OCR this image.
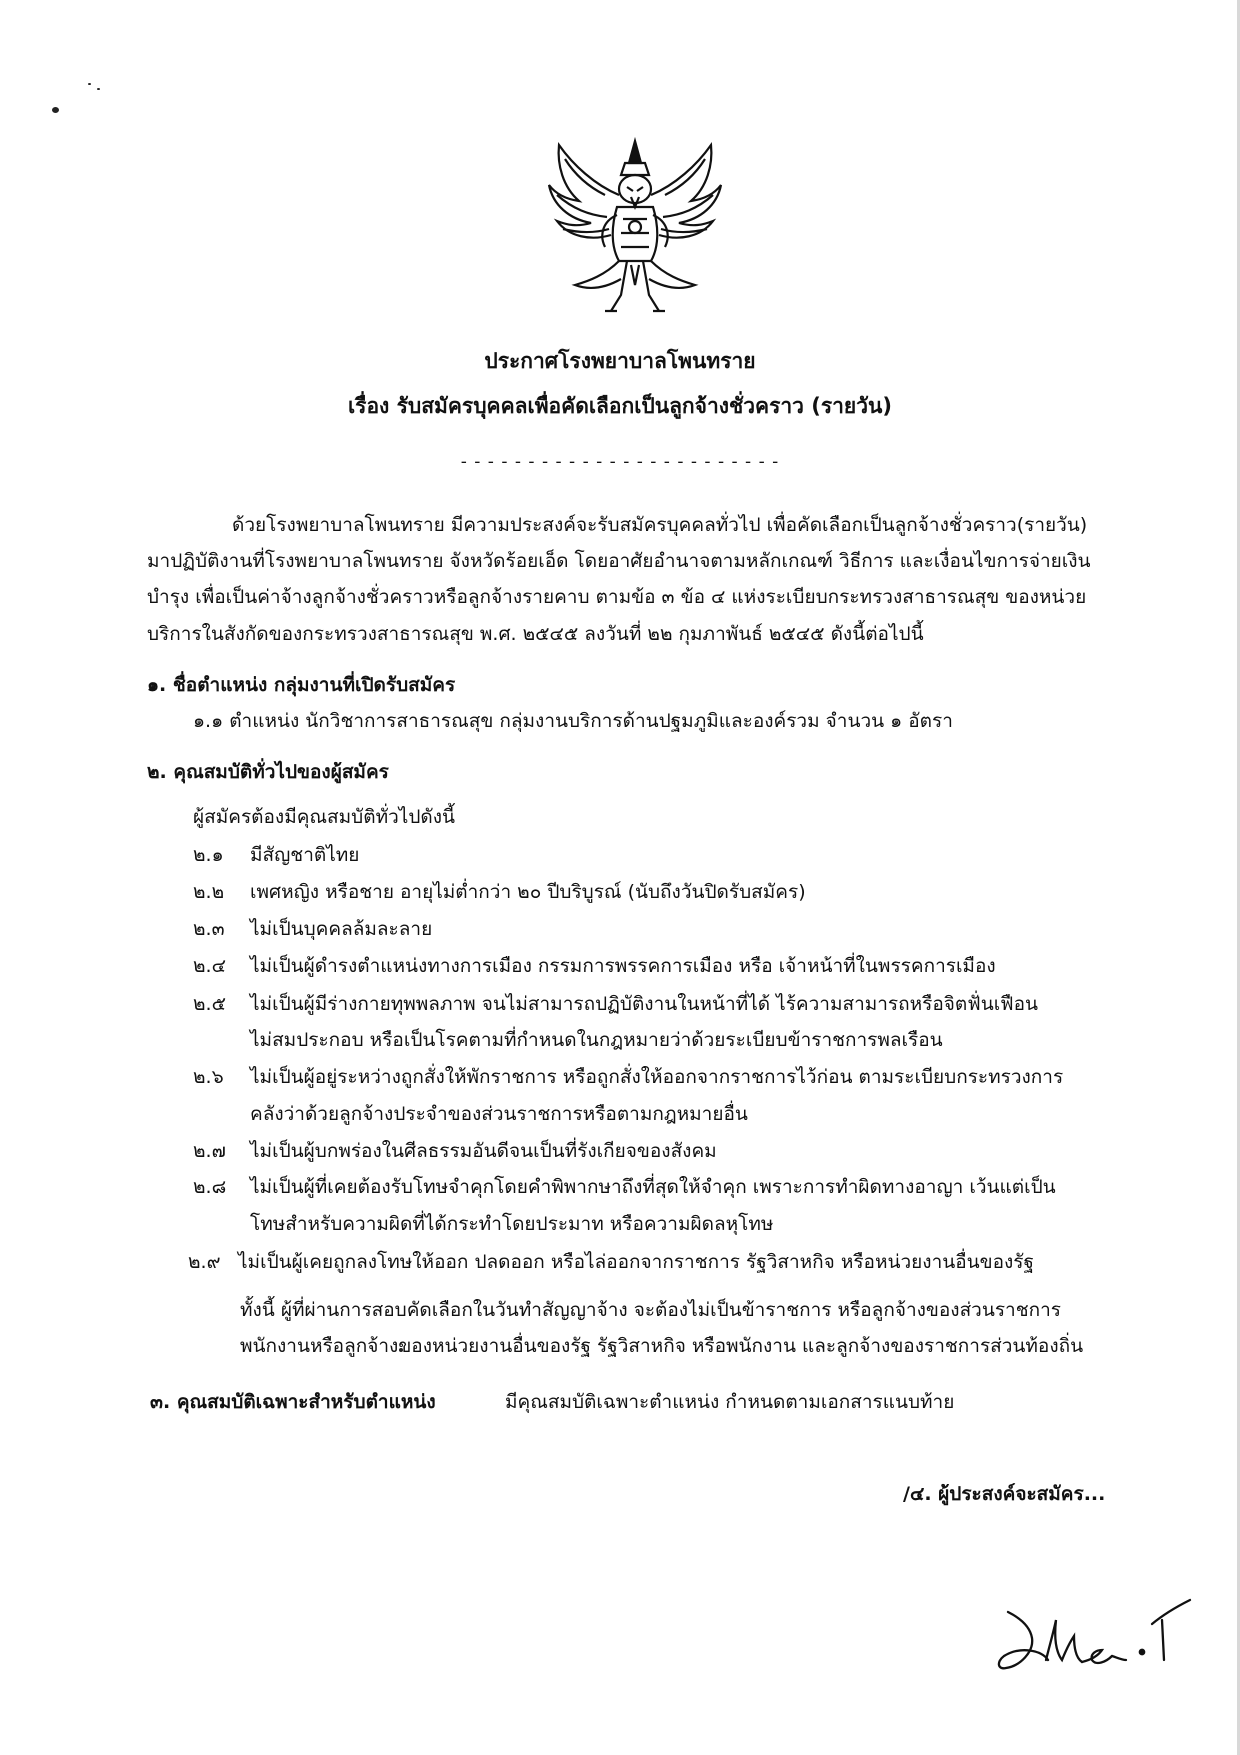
ประกาศโรงพยาบาลโพนทราย
เรื่อง รับสมัครบุคคลเพื่อคัดเลือกเป็นลูกจ้างชั่วคราว (รายวัน)
- - - - - - - - - - - - - - - - - - - - - - - -
ด้วยโรงพยาบาลโพนทราย มีความประสงค์จะรับสมัครบุคคลทั่วไป เพื่อคัดเลือกเป็นลูกจ้างชั่วคราว(รายวัน)
มาปฏิบัติงานที่โรงพยาบาลโพนทราย จังหวัดร้อยเอ็ด โดยอาศัยอำนาจตามหลักเกณฑ์ วิธีการ และเงื่อนไขการจ่ายเงิน
บำรุง เพื่อเป็นค่าจ้างลูกจ้างชั่วคราวหรือลูกจ้างรายคาบ ตามข้อ ๓ ข้อ ๔ แห่งระเบียบกระทรวงสาธารณสุข ของหน่วย
บริการในสังกัดของกระทรวงสาธารณสุข พ.ศ. ๒๕๔๕ ลงวันที่ ๒๒ กุมภาพันธ์ ๒๕๔๕ ดังนี้ต่อไปนี้
๑. ชื่อตำแหน่ง กลุ่มงานที่เปิดรับสมัคร
๑.๑ ตำแหน่ง นักวิชาการสาธารณสุข กลุ่มงานบริการด้านปฐมภูมิและองค์รวม จำนวน ๑ อัตรา
๒. คุณสมบัติทั่วไปของผู้สมัคร
ผู้สมัครต้องมีคุณสมบัติทั่วไปดังนี้
๒.๑ มีสัญชาติไทย
๒.๒ เพศหญิง หรือชาย อายุไม่ต่ำกว่า ๒๐ ปีบริบูรณ์ (นับถึงวันปิดรับสมัคร)
๒.๓ ไม่เป็นบุคคลล้มละลาย
๒.๔ ไม่เป็นผู้ดำรงตำแหน่งทางการเมือง กรรมการพรรคการเมือง หรือ เจ้าหน้าที่ในพรรคการเมือง
๒.๕ ไม่เป็นผู้มีร่างกายทุพพลภาพ จนไม่สามารถปฏิบัติงานในหน้าที่ได้ ไร้ความสามารถหรือจิตฟั่นเฟือน
ไม่สมประกอบ หรือเป็นโรคตามที่กำหนดในกฎหมายว่าด้วยระเบียบข้าราชการพลเรือน
๒.๖ ไม่เป็นผู้อยู่ระหว่างถูกสั่งให้พักราชการ หรือถูกสั่งให้ออกจากราชการไว้ก่อน ตามระเบียบกระทรวงการ
คลังว่าด้วยลูกจ้างประจำของส่วนราชการหรือตามกฎหมายอื่น
๒.๗ ไม่เป็นผู้บกพร่องในศีลธรรมอันดีจนเป็นที่รังเกียจของสังคม
๒.๘ ไม่เป็นผู้ที่เคยต้องรับโทษจำคุกโดยคำพิพากษาถึงที่สุดให้จำคุก เพราะการทำผิดทางอาญา เว้นแต่เป็น
โทษสำหรับความผิดที่ได้กระทำโดยประมาท หรือความผิดลหุโทษ
๒.๙ ไม่เป็นผู้เคยถูกลงโทษให้ออก ปลดออก หรือไล่ออกจากราชการ รัฐวิสาหกิจ หรือหน่วยงานอื่นของรัฐ
ทั้งนี้ ผู้ที่ผ่านการสอบคัดเลือกในวันทำสัญญาจ้าง จะต้องไม่เป็นข้าราชการ หรือลูกจ้างของส่วนราชการ
พนักงานหรือลูกจ้างของหน่วยงานอื่นของรัฐ รัฐวิสาหกิจ หรือพนักงาน และลูกจ้างของราชการส่วนท้องถิ่น
๓. คุณสมบัติเฉพาะสำหรับตำแหน่ง	มีคุณสมบัติเฉพาะตำแหน่ง กำหนดตามเอกสารแนบท้าย
/๔. ผู้ประสงค์จะสมัคร...
